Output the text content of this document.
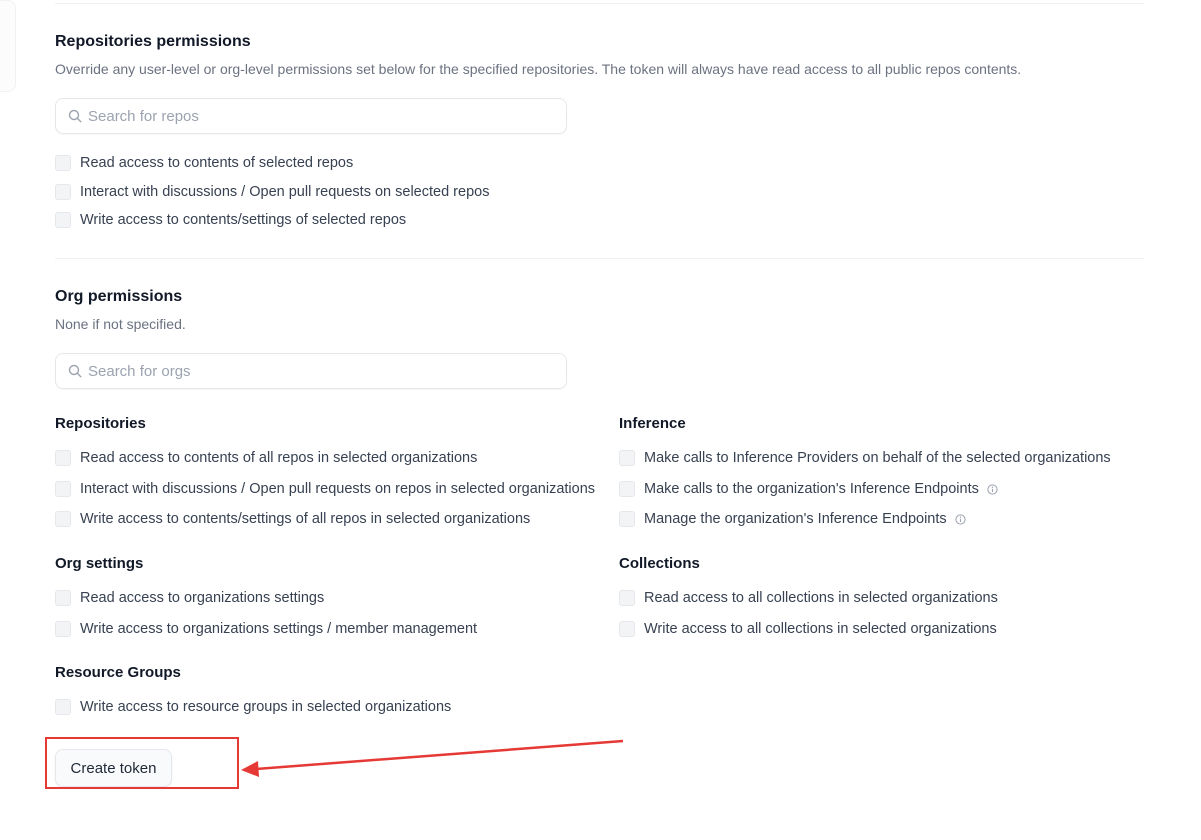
Repositories permissions

Override any user-level or org-level permissions set below for the specified repositories. The token will always have read access to all public repos contents.

Search for repos
Read access to contents of selected repos
Interact with discussions / Open pull requests on selected repos
Write access to contents/settings of selected repos
Org permissions

None if not specified.

Search for orgs
Repositories
Read access to contents of all repos in selected organizations
Interact with discussions / Open pull requests on repos in selected organizations
Write access to contents/settings of all repos in selected organizations
Inference
Make calls to Inference Providers on behalf of the selected organizations
Make calls to the organization's Inference Endpoints
Manage the organization's Inference Endpoints
Org settings
Read access to organizations settings
Write access to organizations settings / member management
Collections
Read access to all collections in selected organizations
Write access to all collections in selected organizations
Resource Groups
Write access to resource groups in selected organizations
Create token
